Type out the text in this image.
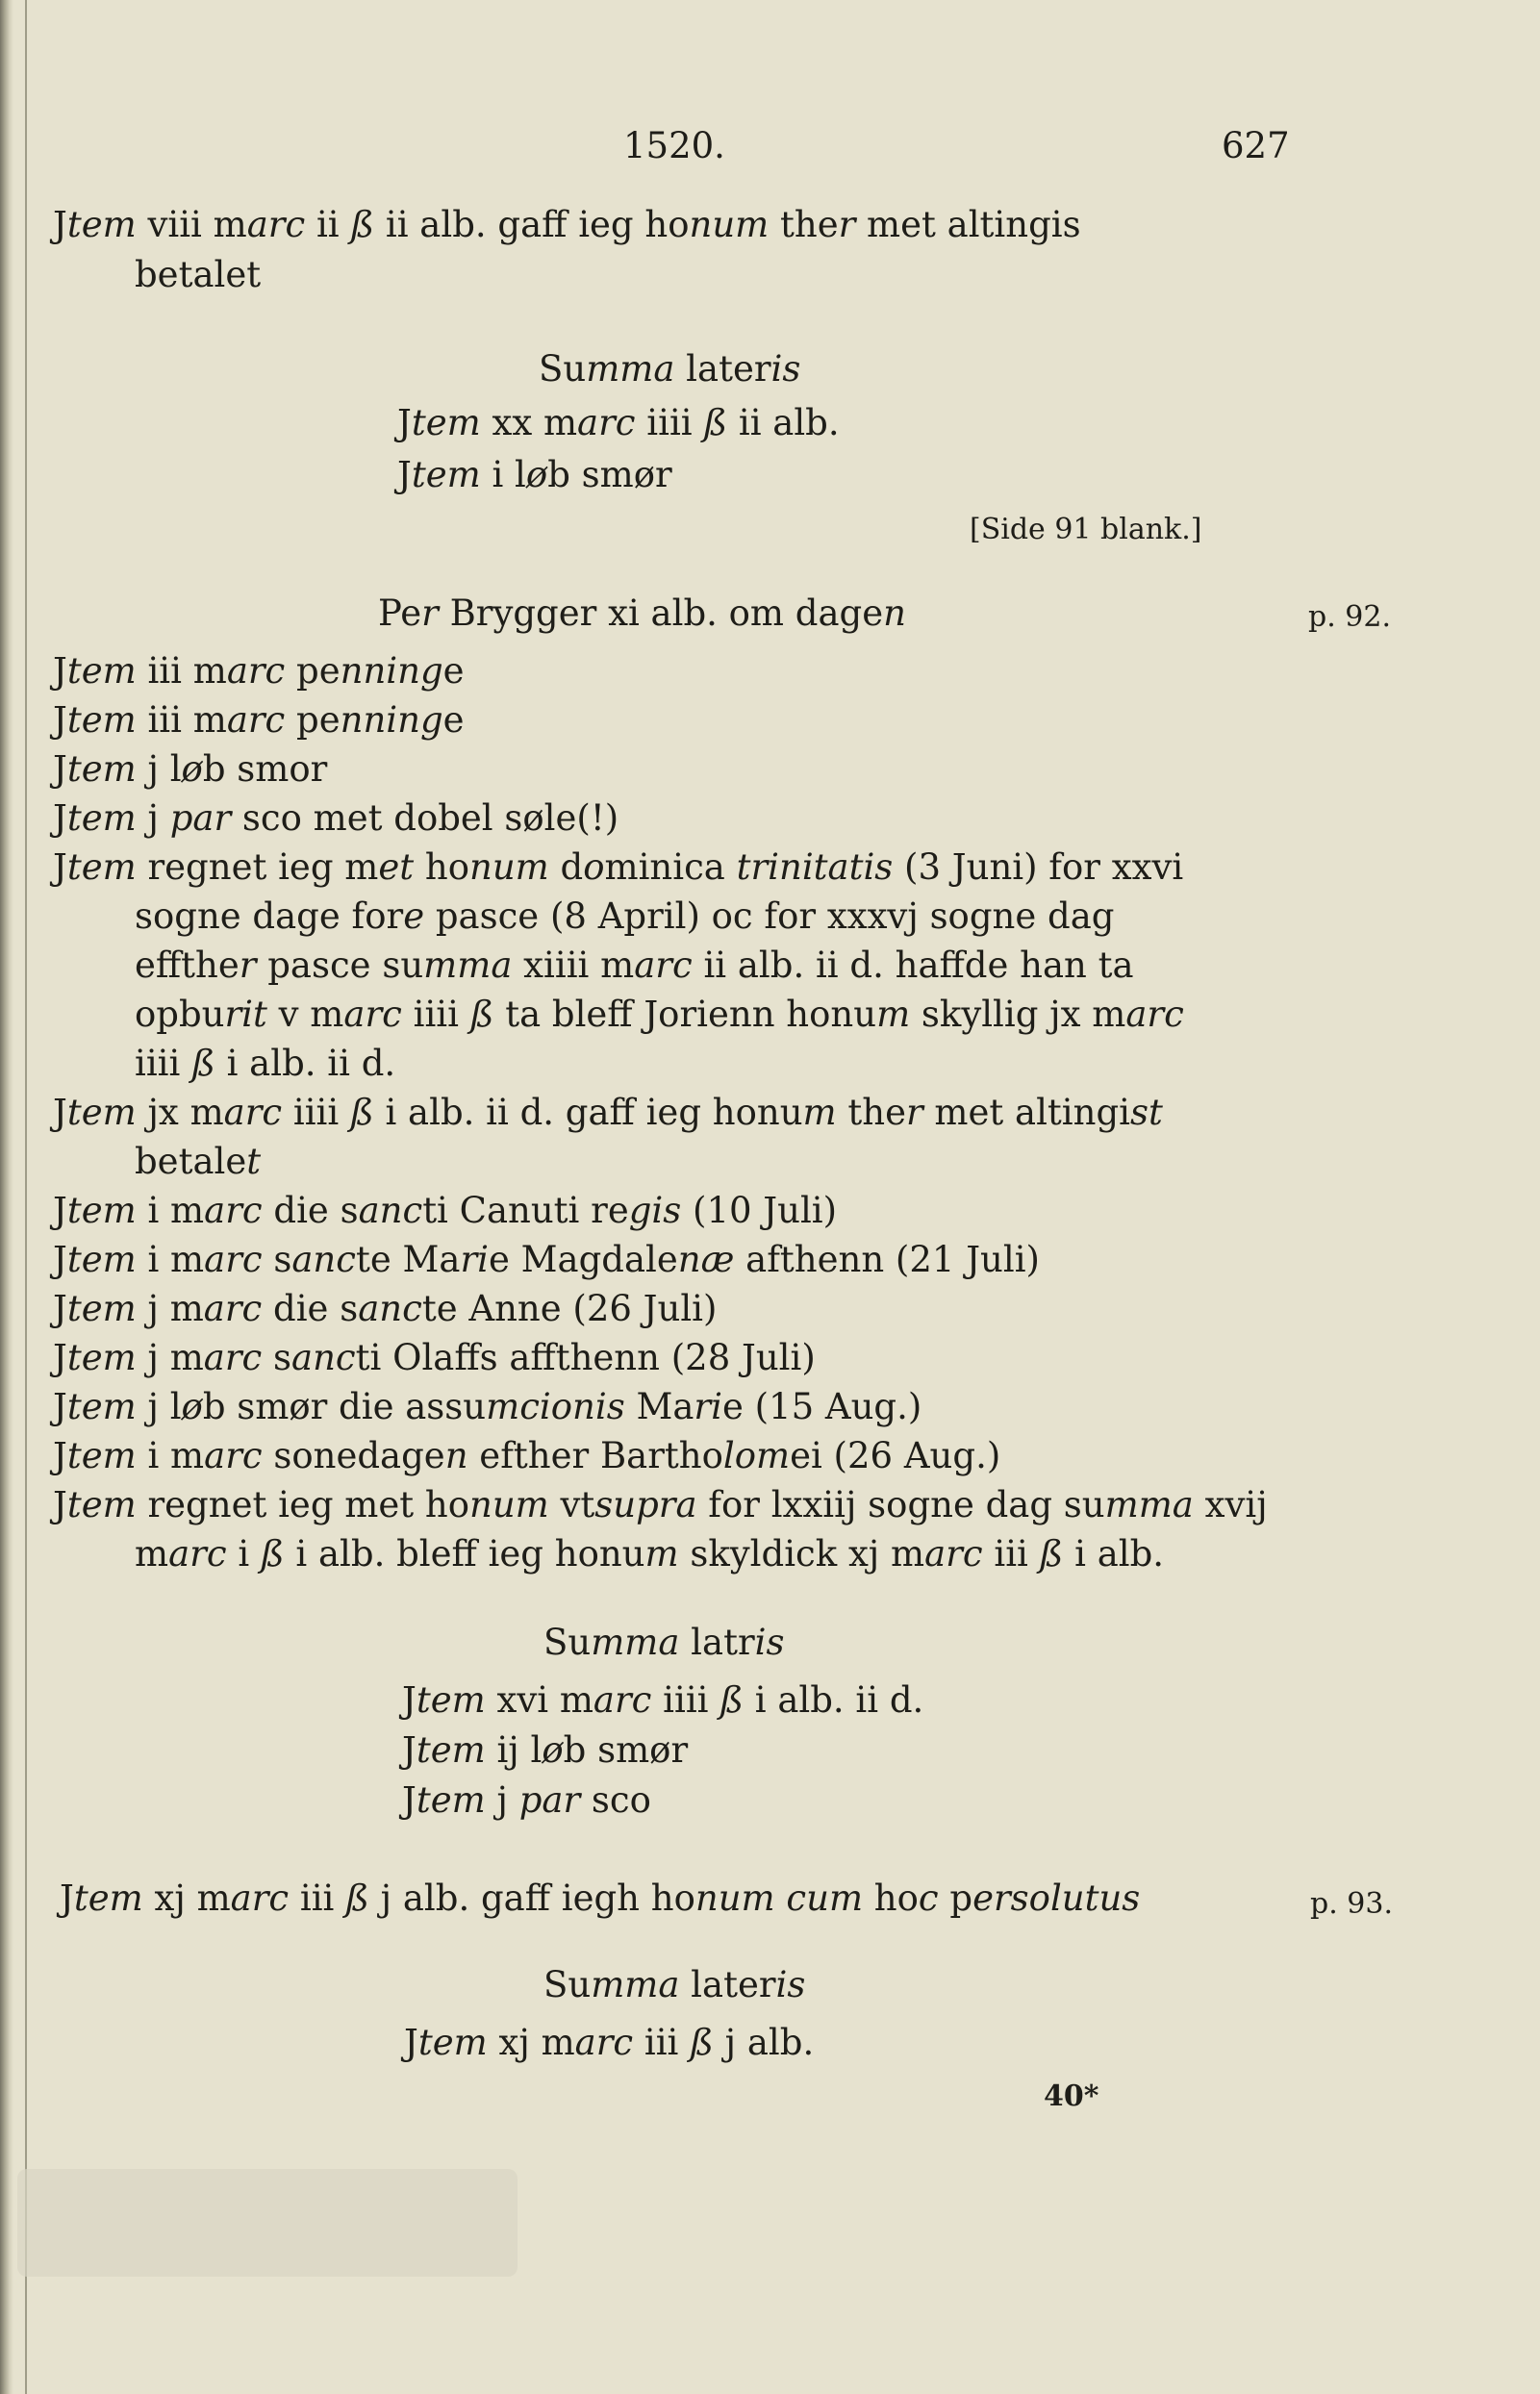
1520.	627
Jtem viii marc ii ß ii alb. gaff ieg honum ther met altingis
betalet
Summa lateris
Jtem xx marc iiii ß ii alb.
Jtem i løb smør
[Side 91 blank.]
Per Brygger xi alb. om dagen	p. 92.
Jtem iii marc penninge
Jtem iii marc penninge
Jtem j løb smor
Jtem j par sco met dobel søle(!)
Jtem regnet ieg met honum dominica trinitatis (3 Juni) for xxvi
sogne dage fore pasce (8 April) oc for xxxvj sogne dag
effther pasce summa xiiii marc ii alb. ii d. haffde han ta
opburit v marc iiii ß ta bleff Jorienn honum skyllig jx marc
iiii ß i alb. ii d.
Jtem jx marc iiii ß i alb. ii d. gaff ieg honum ther met altingist
betalet
Jtem i marc die sancti Canuti regis (10 Juli)
Jtem i marc sancte Marie Magdalenæ afthenn (21 Juli)
Jtem j marc die sancte Anne (26 Juli)
Jtem j marc sancti Olaffs affthenn (28 Juli)
Jtem j løb smør die assumcionis Marie (15 Aug.)
Jtem i marc sonedagen efther Bartholomei (26 Aug.)
Jtem regnet ieg met honum vtsupra for lxxiij sogne dag summa xvij
marc i ß i alb. bleff ieg honum skyldick xj marc iii ß i alb.
Summa latris
Jtem xvi marc iiii ß i alb. ii d.
Jtem ij løb smør
Jtem j par sco
Jtem xj marc iii ß j alb. gaff iegh honum cum hoc persolutus	p. 93.
Summa lateris
Jtem xj marc iii ß j alb.
40*
